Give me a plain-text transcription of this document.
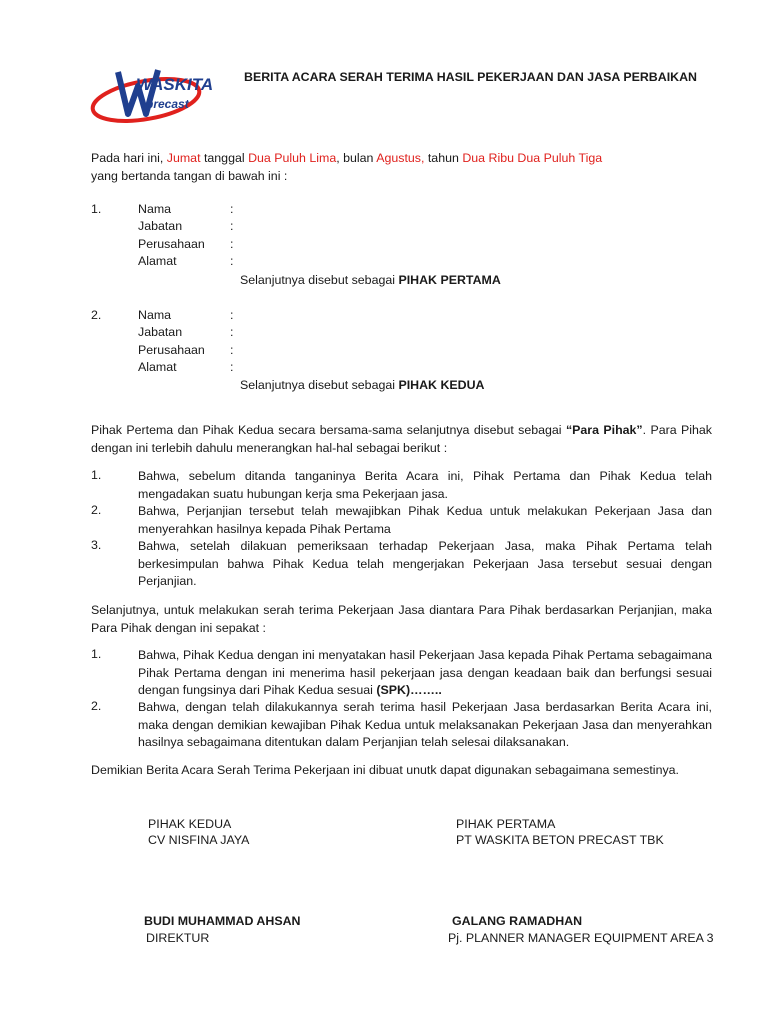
WASKITA
precast
BERITA ACARA SERAH TERIMA HASIL PEKERJAAN DAN JASA PERBAIKAN
Pada hari ini, Jumat tanggal Dua Puluh Lima, bulan Agustus, tahun Dua Ribu Dua Puluh Tiga
yang bertanda tangan di bawah ini :
1.	Nama	:
Jabatan	:
Perusahaan :
Alamat	:
Selanjutnya disebut sebagai PIHAK PERTAMA
2.	Nama	:
Jabatan	:
Perusahaan :
Alamat	:
Selanjutnya disebut sebagai PIHAK KEDUA
Pihak Pertema dan Pihak Kedua secara bersama-sama selanjutnya disebut sebagai “Para Pihak”. Para Pihak dengan ini terlebih dahulu menerangkan hal-hal sebagai berikut :
1.	Bahwa, sebelum ditanda tanganinya Berita Acara ini, Pihak Pertama dan Pihak Kedua telah mengadakan suatu hubungan kerja sma Pekerjaan jasa.
2.	Bahwa, Perjanjian tersebut telah mewajibkan Pihak Kedua untuk melakukan Pekerjaan Jasa dan menyerahkan hasilnya kepada Pihak Pertama
3.	Bahwa, setelah dilakuan pemeriksaan terhadap Pekerjaan Jasa, maka Pihak Pertama telah berkesimpulan bahwa Pihak Kedua telah mengerjakan Pekerjaan Jasa tersebut sesuai dengan Perjanjian.
Selanjutnya, untuk melakukan serah terima Pekerjaan Jasa diantara Para Pihak berdasarkan Perjanjian, maka Para Pihak dengan ini sepakat :
1.	Bahwa, Pihak Kedua dengan ini menyatakan hasil Pekerjaan Jasa kepada Pihak Pertama sebagaimana Pihak Pertama dengan ini menerima hasil pekerjaan jasa dengan keadaan baik dan berfungsi sesuai dengan fungsinya dari Pihak Kedua sesuai (SPK)……..
2.	Bahwa, dengan telah dilakukannya serah terima hasil Pekerjaan Jasa berdasarkan Berita Acara ini, maka dengan demikian kewajiban Pihak Kedua untuk melaksanakan Pekerjaan Jasa dan menyerahkan hasilnya sebagaimana ditentukan dalam Perjanjian telah selesai dilaksanakan.
Demikian Berita Acara Serah Terima Pekerjaan ini dibuat unutk dapat digunakan sebagaimana semestinya.
PIHAK KEDUA
CV NISFINA JAYA
BUDI MUHAMMAD AHSAN
DIREKTUR
PIHAK PERTAMA
PT WASKITA BETON PRECAST TBK
GALANG RAMADHAN
Pj. PLANNER MANAGER EQUIPMENT AREA 3
